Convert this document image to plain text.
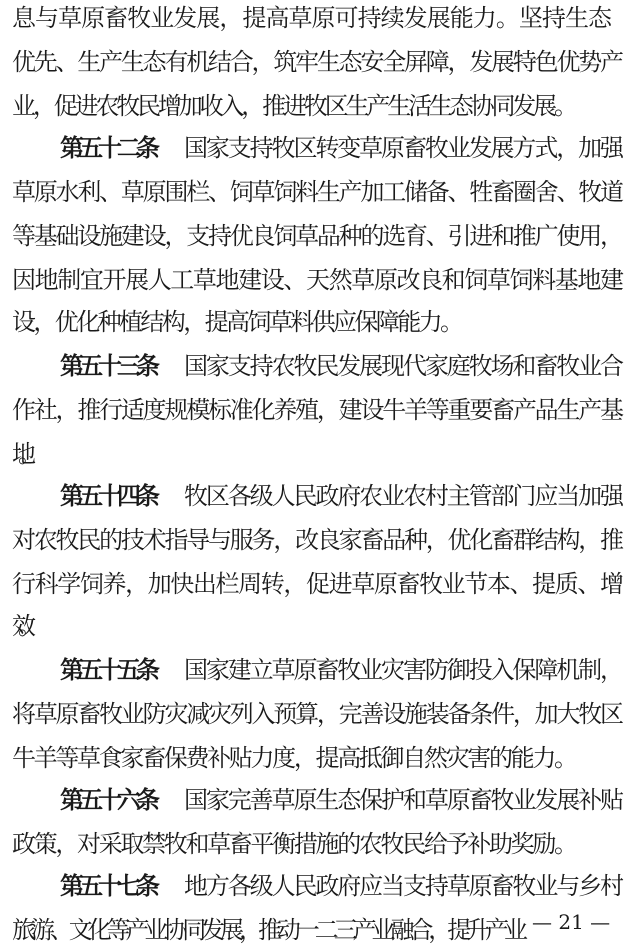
息与草原畜牧业发展，提高草原可持续发展能力。坚持生态
优先、生产生态有机结合，筑牢生态安全屏障，发展特色优势产
业，促进农牧民增加收入，推进牧区生产生活生态协同发展。
第五十二条 国家支持牧区转变草原畜牧业发展方式，加强
草原水利、草原围栏、饲草饲料生产加工储备、牲畜圈舍、牧道
等基础设施建设，支持优良饲草品种的选育、引进和推广使用，
因地制宜开展人工草地建设、天然草原改良和饲草饲料基地建
设，优化种植结构，提高饲草料供应保障能力。
第五十三条 国家支持农牧民发展现代家庭牧场和畜牧业合
作社，推行适度规模标准化养殖，建设牛羊等重要畜产品生产基
地。
第五十四条 牧区各级人民政府农业农村主管部门应当加强
对农牧民的技术指导与服务，改良家畜品种，优化畜群结构，推
行科学饲养，加快出栏周转，促进草原畜牧业节本、提质、增
效。
第五十五条 国家建立草原畜牧业灾害防御投入保障机制，
将草原畜牧业防灾减灾列入预算，完善设施装备条件，加大牧区
牛羊等草食家畜保费补贴力度，提高抵御自然灾害的能力。
第五十六条 国家完善草原生态保护和草原畜牧业发展补贴
政策，对采取禁牧和草畜平衡措施的农牧民给予补助奖励。
第五十七条 地方各级人民政府应当支持草原畜牧业与乡村
旅游、文化等产业协同发展，推动一二三产业融合，提升产业 — 21 —
